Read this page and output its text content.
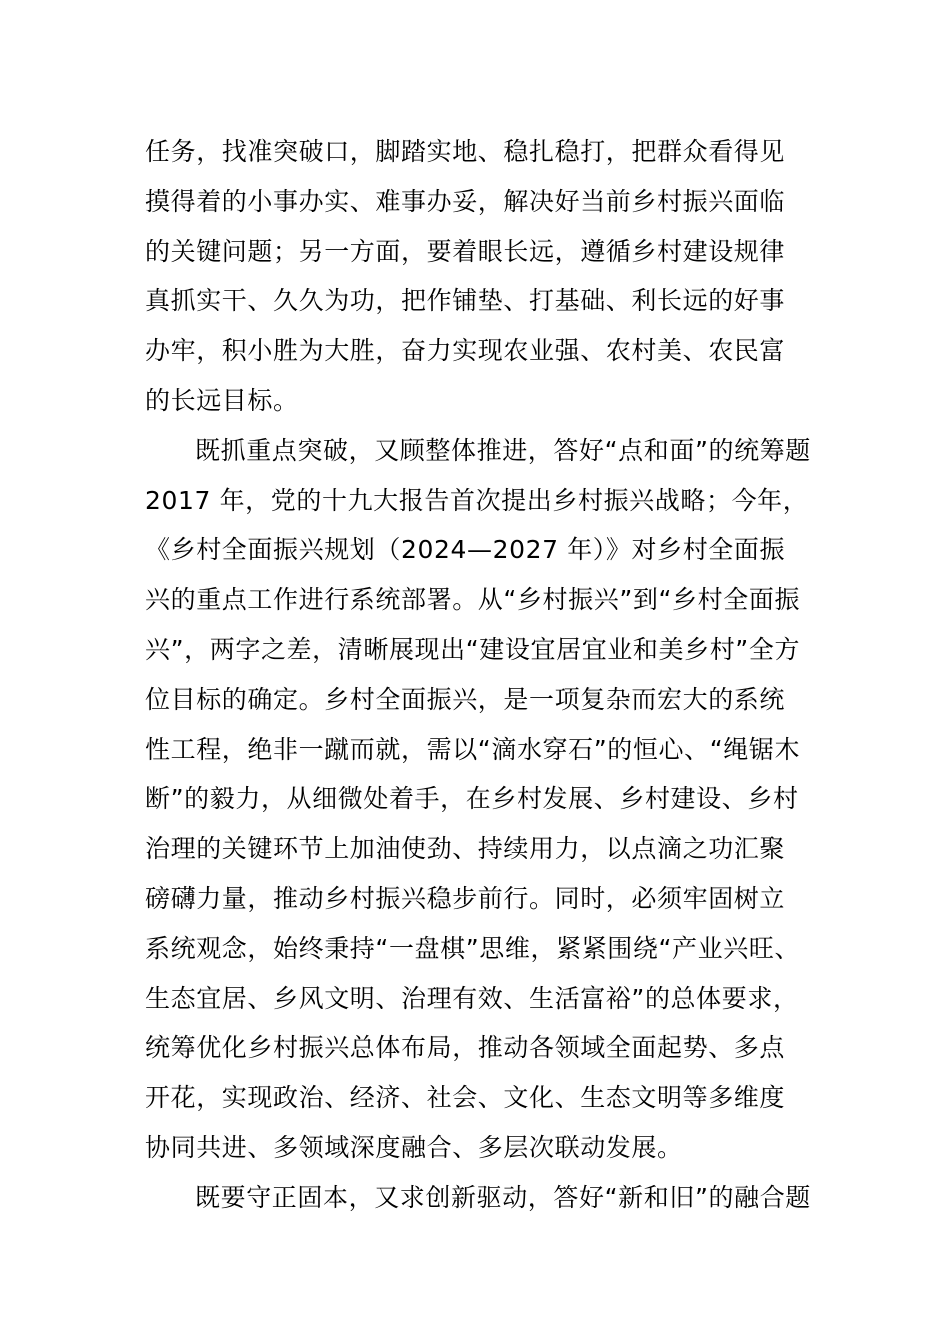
任务，找准突破口，脚踏实地、稳扎稳打，把群众看得见
摸得着的小事办实、难事办妥，解决好当前乡村振兴面临
的关键问题；另一方面，要着眼长远，遵循乡村建设规律
真抓实干、久久为功，把作铺垫、打基础、利长远的好事
办牢，积小胜为大胜，奋力实现农业强、农村美、农民富
的长远目标。
既抓重点突破，又顾整体推进，答好“点和面”的统筹题
2017 年，党的十九大报告首次提出乡村振兴战略；今年，
《乡村全面振兴规划（2024—2027 年）》对乡村全面振
兴的重点工作进行系统部署。从“乡村振兴”到“乡村全面振
兴”，两字之差，清晰展现出“建设宜居宜业和美乡村”全方
位目标的确定。乡村全面振兴，是一项复杂而宏大的系统
性工程，绝非一蹴而就，需以“滴水穿石”的恒心、“绳锯木
断”的毅力，从细微处着手，在乡村发展、乡村建设、乡村
治理的关键环节上加油使劲、持续用力，以点滴之功汇聚
磅礴力量，推动乡村振兴稳步前行。同时，必须牢固树立
系统观念，始终秉持“一盘棋”思维，紧紧围绕“产业兴旺、
生态宜居、乡风文明、治理有效、生活富裕”的总体要求，
统筹优化乡村振兴总体布局，推动各领域全面起势、多点
开花，实现政治、经济、社会、文化、生态文明等多维度
协同共进、多领域深度融合、多层次联动发展。
既要守正固本，又求创新驱动，答好“新和旧”的融合题
